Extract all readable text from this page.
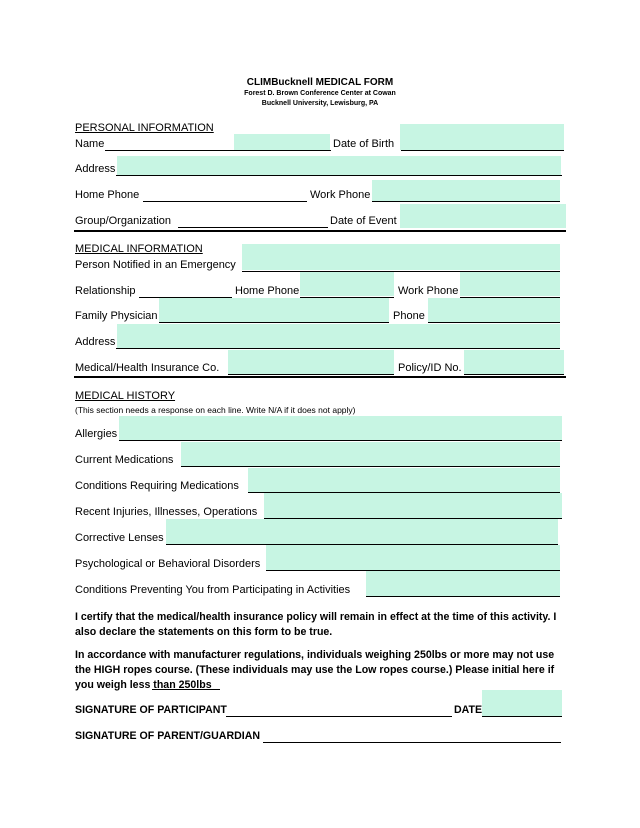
CLIMBucknell MEDICAL FORM
Forest D. Brown Conference Center at Cowan
Bucknell University, Lewisburg, PA
PERSONAL INFORMATION
Name	Date of Birth
Address
Home Phone	Work Phone
Group/Organization	Date of Event
MEDICAL INFORMATION
Person Notified in an Emergency
Relationship	Home Phone	Work Phone
Family Physician	Phone
Address
Medical/Health Insurance Co.	Policy/ID No.
MEDICAL HISTORY
(This section needs a response on each line. Write N/A if it does not apply)
Allergies
Current Medications
Conditions Requiring Medications
Recent Injuries, Illnesses, Operations
Corrective Lenses
Psychological or Behavioral Disorders
Conditions Preventing You from Participating in Activities
I certify that the medical/health insurance policy will remain in effect at the time of this activity. I also declare the statements on this form to be true.
In accordance with manufacturer regulations, individuals weighing 250lbs or more may not use the HIGH ropes course. (These individuals may use the Low ropes course.) Please initial here if you weigh less than 250lbs
SIGNATURE OF PARTICIPANT	DATE
SIGNATURE OF PARENT/GUARDIAN
